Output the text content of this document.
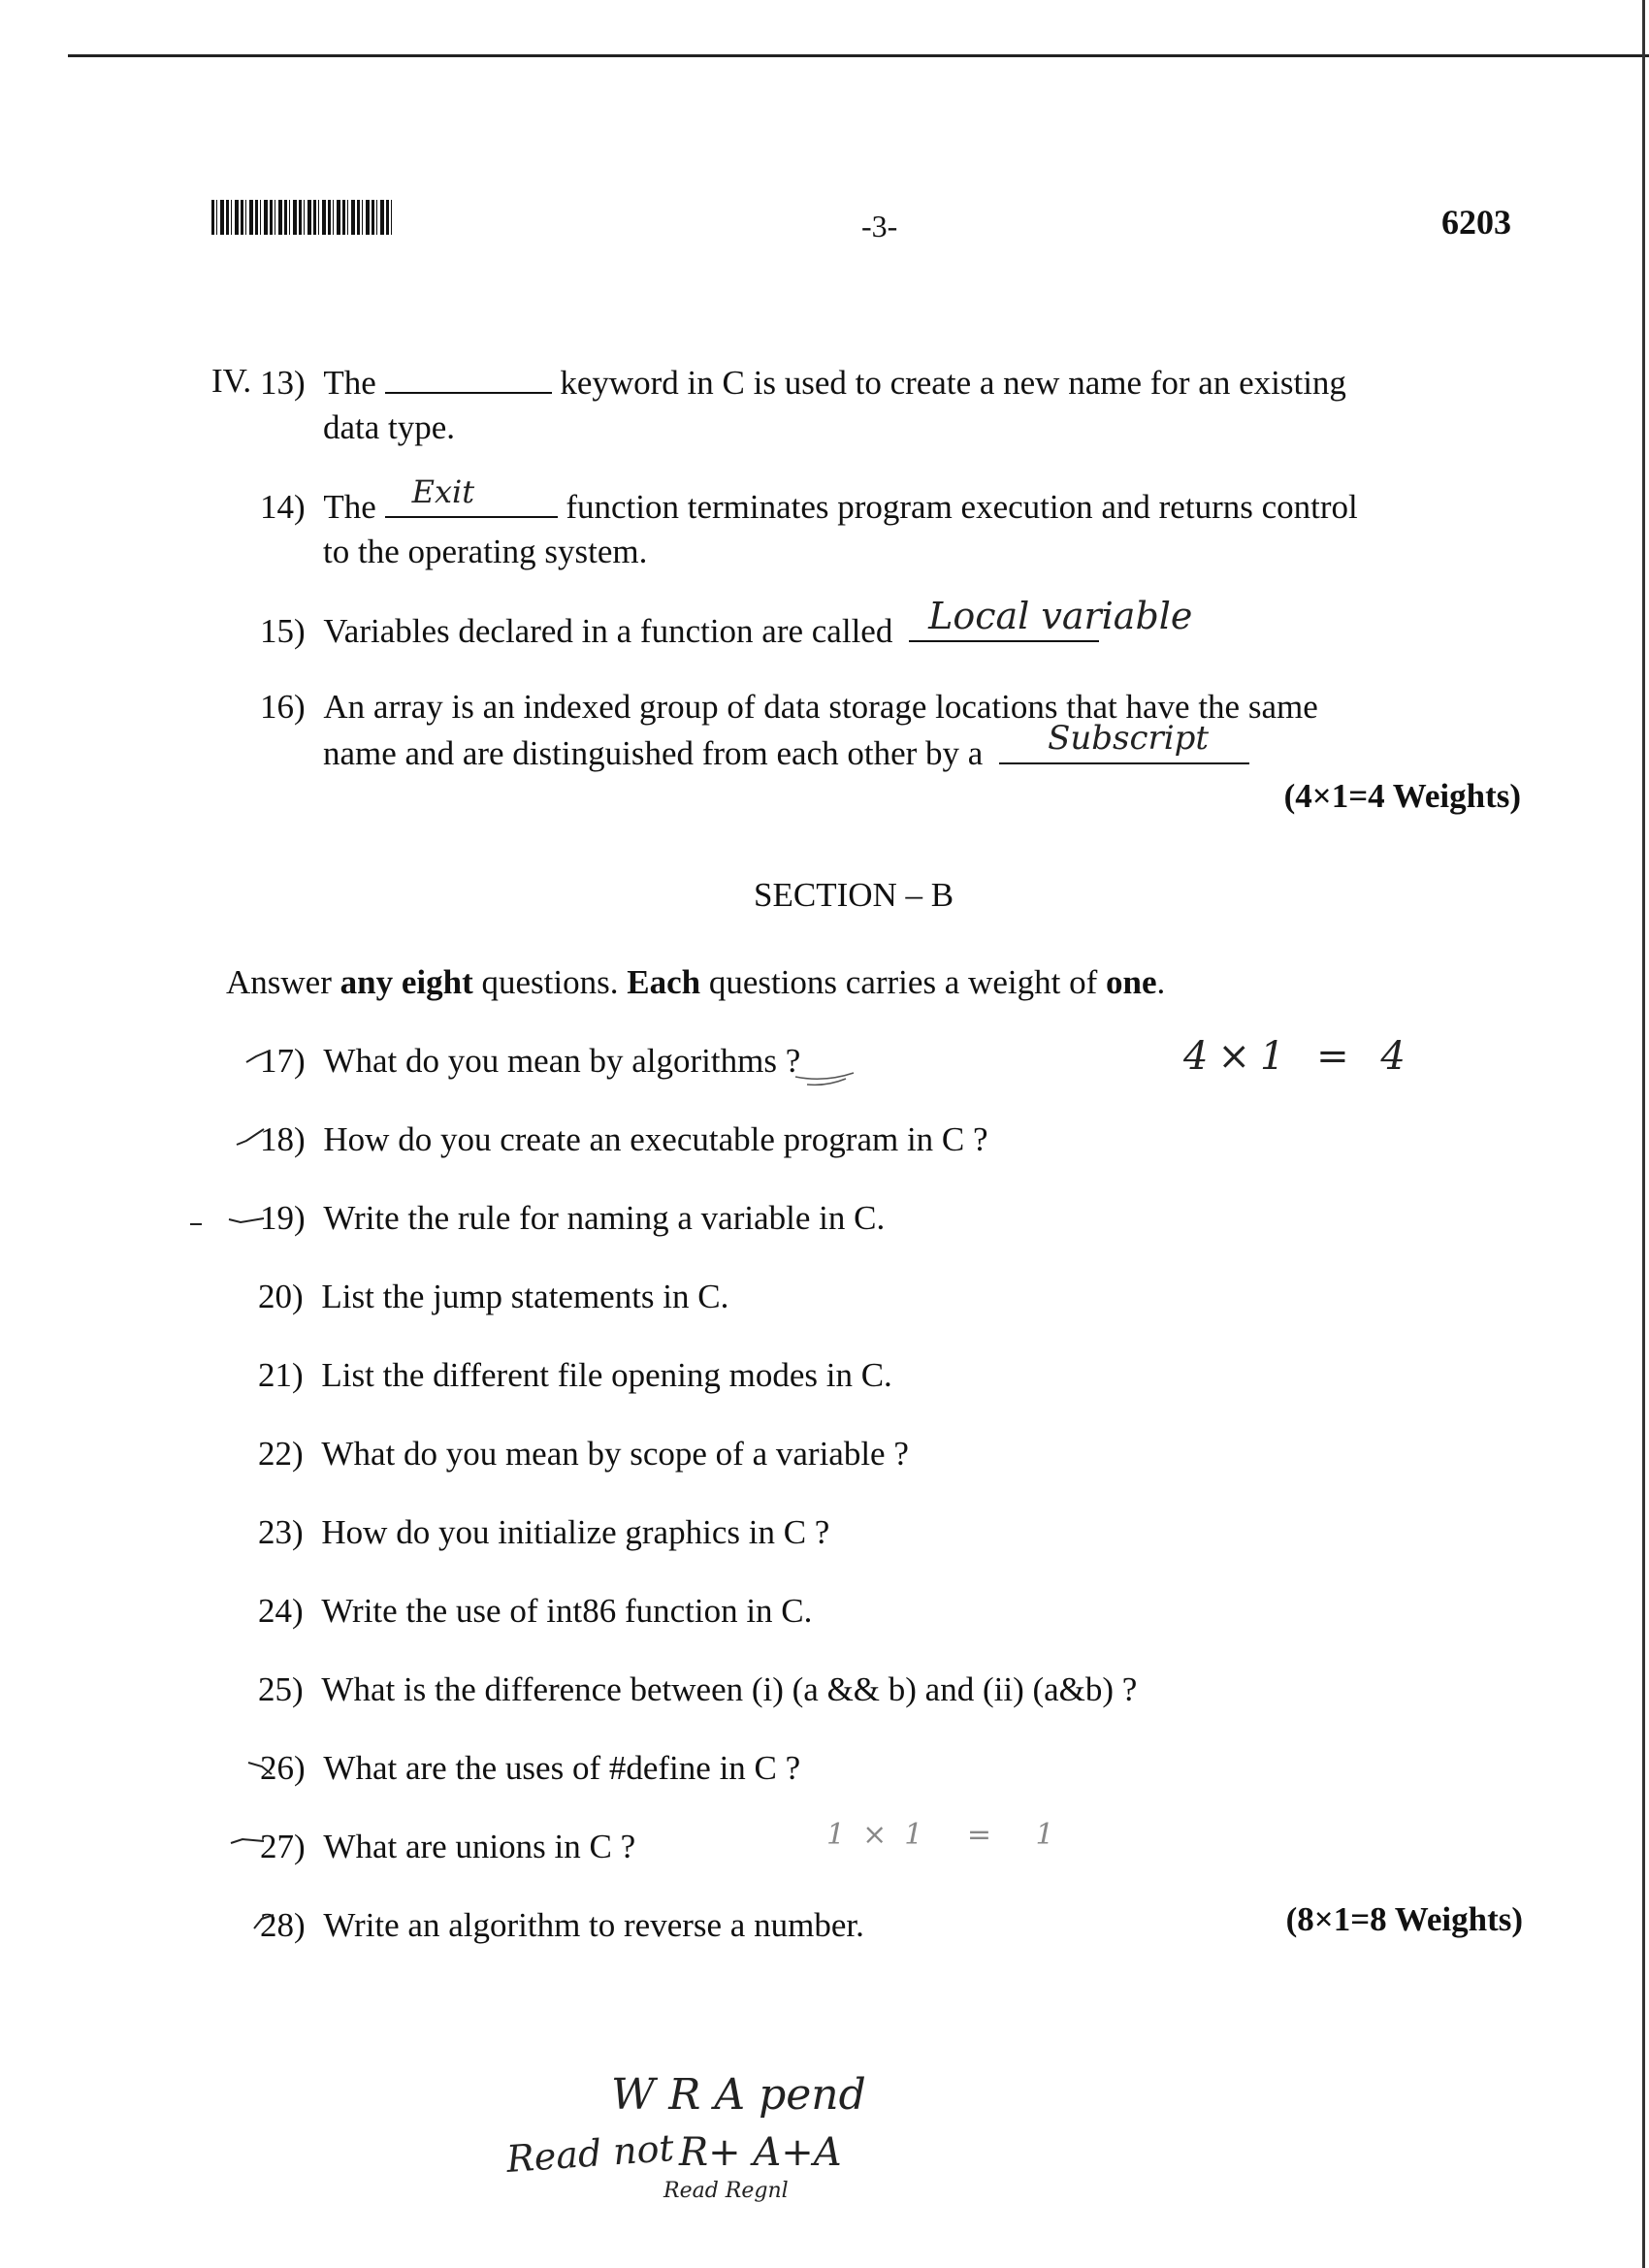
-3-	6203
IV. 13) The	keyword in C is used to create a new name for an existing
data type.
14) The Exit	function terminates program execution and returns control
to the operating system.
15) Variables declared in a function are called Local variable
16) An array is an indexed group of data storage locations that have the same
name and are distinguished from each other by a Subscript
(4×1=4 Weights)
SECTION – B
Answer any eight questions. Each questions carries a weight of one.
17) What do you mean by algorithms ?
18) How do you create an executable program in C ?
19) Write the rule for naming a variable in C.
20) List the jump statements in C.
21) List the different file opening modes in C.
22) What do you mean by scope of a variable ?
23) How do you initialize graphics in C ?
24) Write the use of int86 function in C.
25) What is the difference between (i) (a && b) and (ii) (a&b) ?
26) What are the uses of #define in C ?
27) What are unions in C ?
28) Write an algorithm to reverse a number.	(8×1=8 Weights)
4×1 = 4
1×1 = 1
W R A pend
Read not R+ A+A
Read Regnl
